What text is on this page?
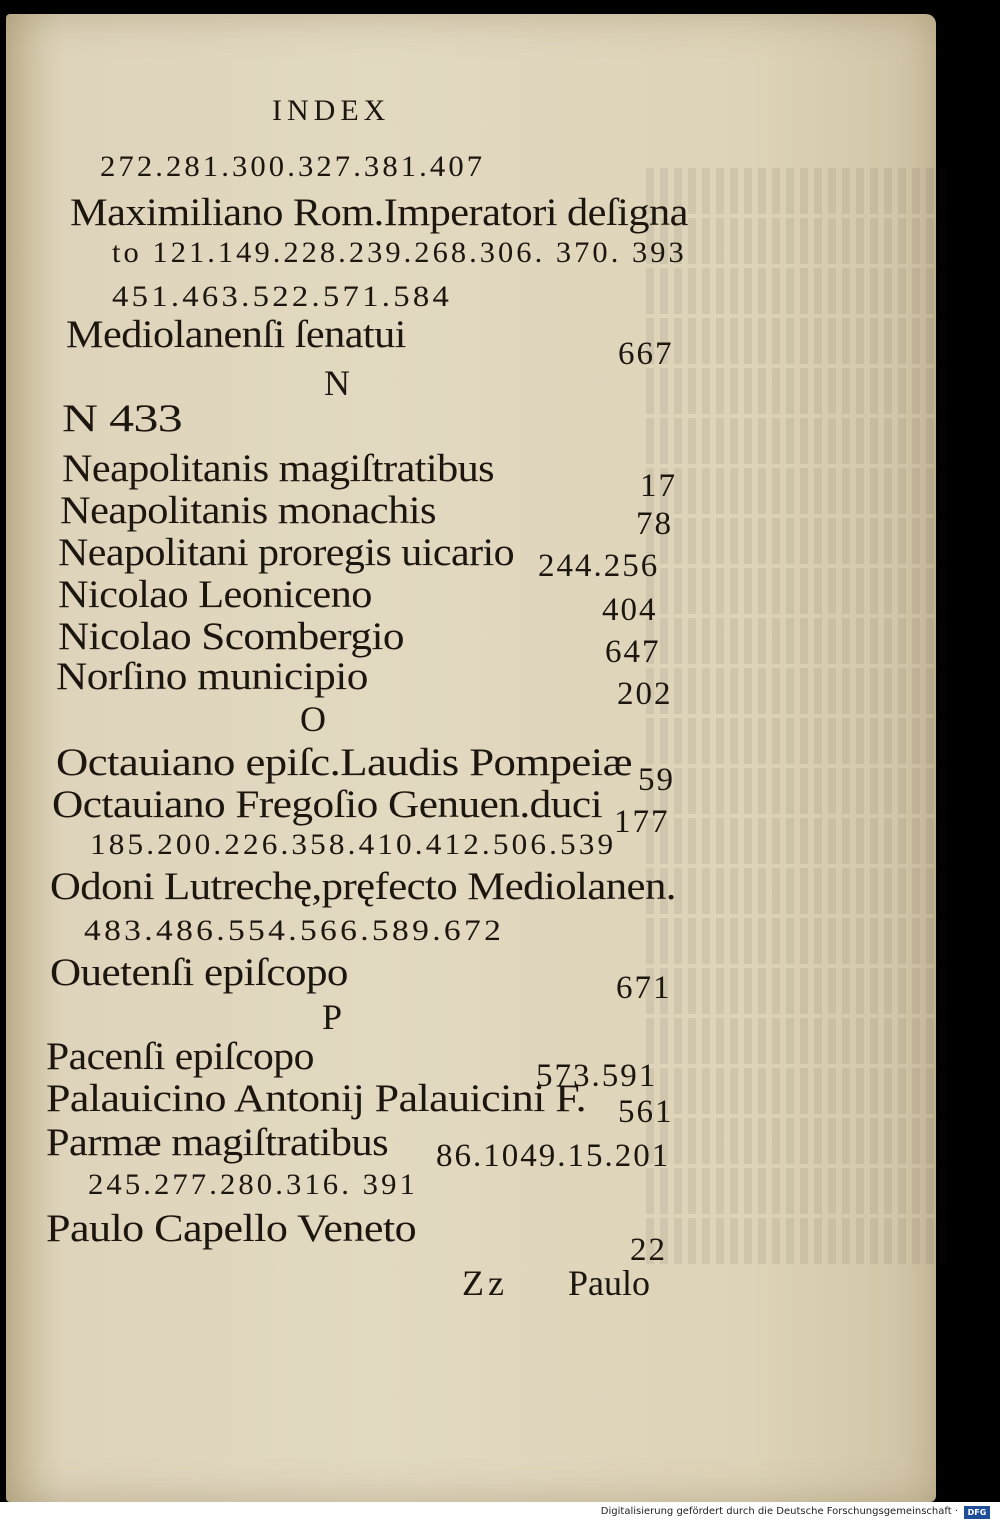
INDEX
272.281.300.327.381.407
Maximiliano Rom.Imperatori deſigna
to 121.149.228.239.268.306. 370. 393
451.463.522.571.584
Mediolanenſi ſenatui	667
N
N 433
Neapolitanis magiſtratibus	17
Neapolitanis monachis	78
Neapolitani proregis uicario 244.256
Nicolao Leoniceno	404
Nicolao Scombergio	647
Norſino municipio	202
O
Octauiano epiſc.Laudis Pompeiæ 59
Octauiano Fregoſio Genuen.duci 177
185.200.226.358.410.412.506.539
Odoni Lutrechę,pręfecto Mediolanen.
483.486.554.566.589.672
Ouetenſi epiſcopo	671
P
Pacenſi epiſcopo	573.591
Palauicino Antonij Palauicini F. 561
Parmæ magiſtratibus 86.1049.15.201
245.277.280.316. 391
Paulo Capello Veneto	22
Zz Paulo
Digitalisierung gefördert durch die Deutsche Forschungsgemeinschaft ·	DFG
